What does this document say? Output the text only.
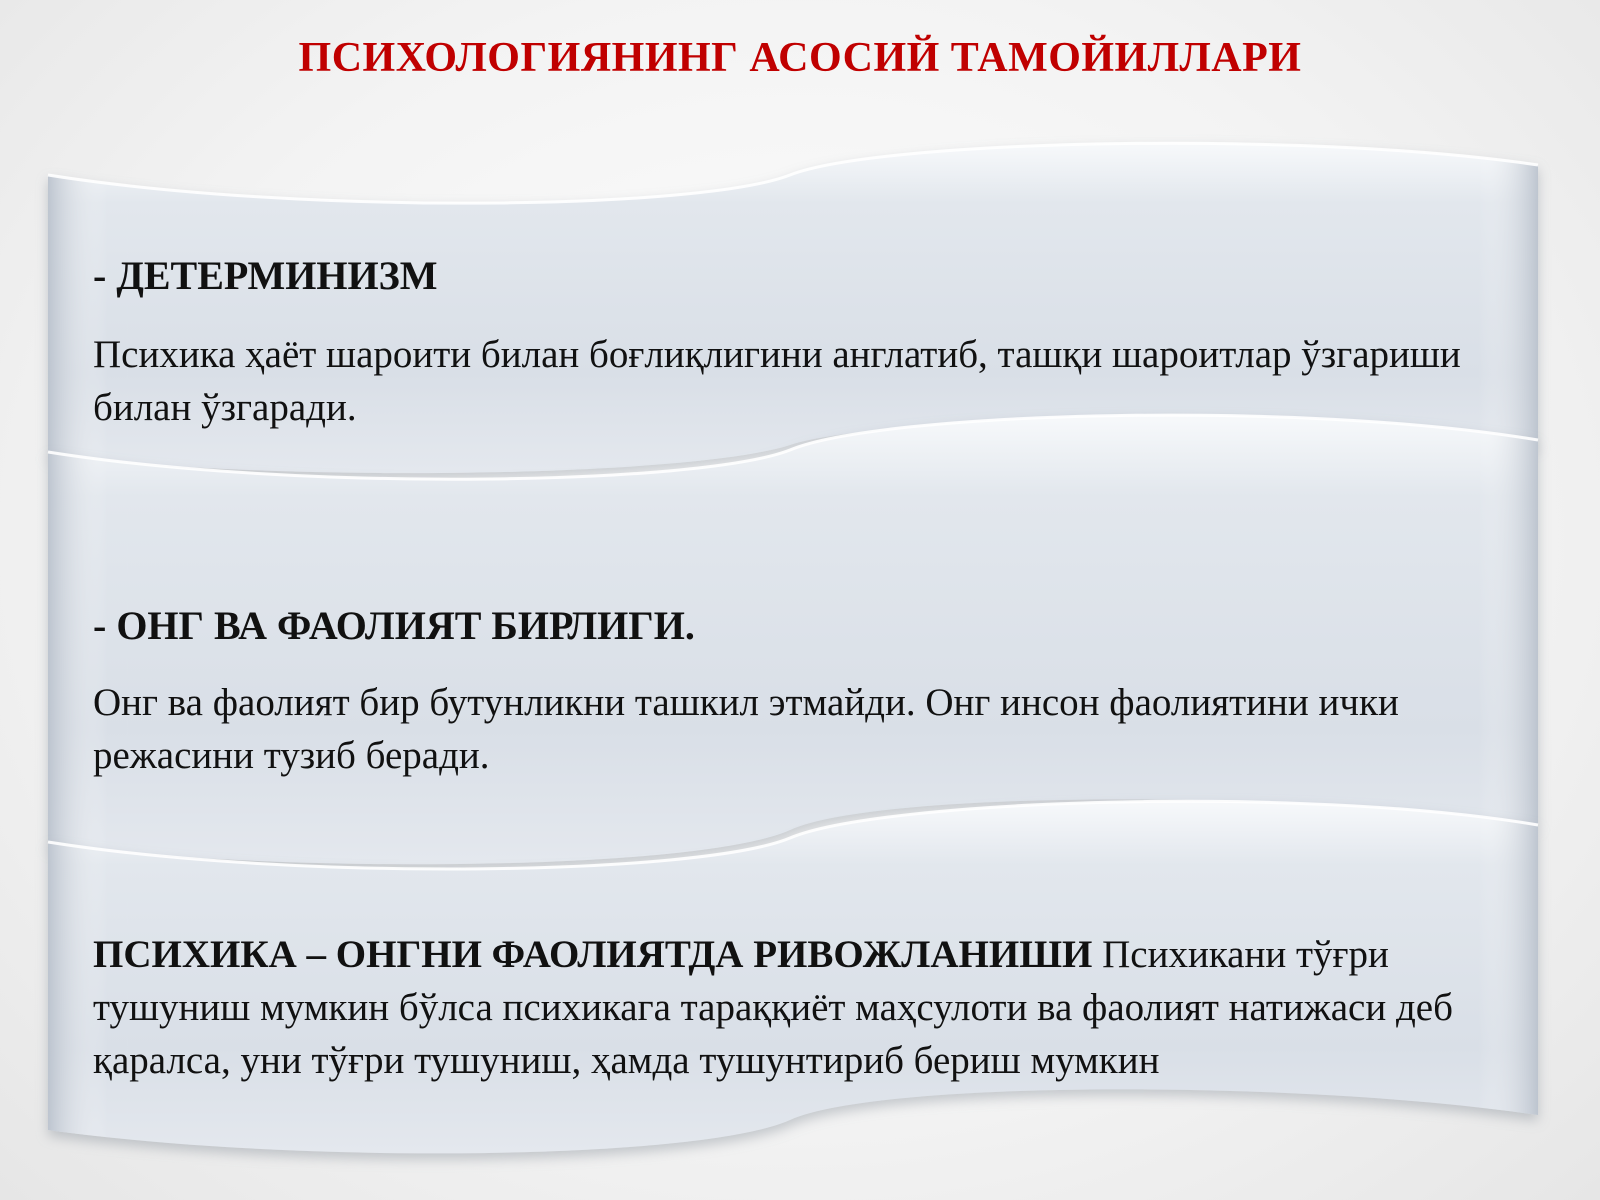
ПСИХОЛОГИЯНИНГ АСОСИЙ ТАМОЙИЛЛАРИ
- ДЕТЕРМИНИЗМ
Психика ҳаёт шароити билан боғлиқлигини англатиб, ташқи шароитлар ўзгариши билан ўзгаради.
- ОНГ ВА ФАОЛИЯТ БИРЛИГИ.
Онг ва фаолият бир бутунликни ташкил этмайди. Онг инсон фаолиятини ички режасини тузиб беради.

ПСИХИКА – ОНГНИ ФАОЛИЯТДА РИВОЖЛАНИШИ Психикани тўғри тушуниш мумкин бўлса психикага тараққиёт маҳсулоти ва фаолият натижаси деб қаралса, уни тўғри тушуниш, ҳамда тушунтириб бериш мумкин
